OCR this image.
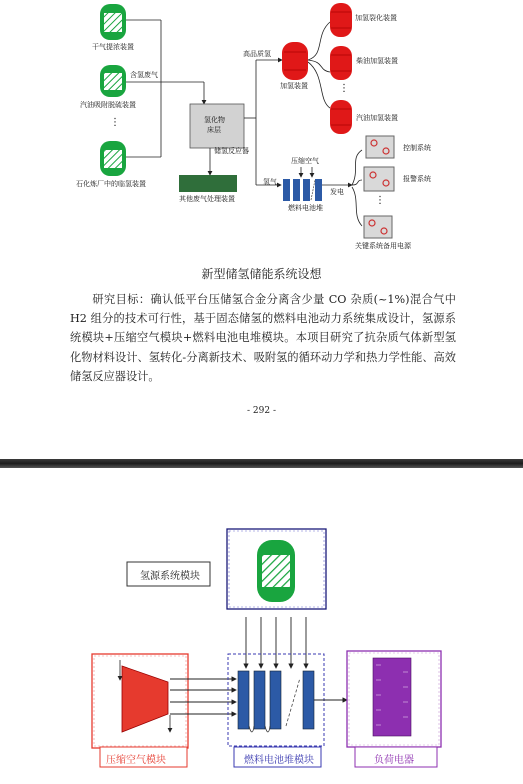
干气提浓装置
含氢废气
汽油吸附脱硫装置
⋮
石化炼厂中的临氢装置
氢化物
床层
储氢反应器
其他废气处理装置
高品质氢
加氢装置
加氢裂化装置
柴油加氢装置
⋮
汽油加氢装置
氢气
压缩空气
发电
燃料电池堆
控制系统
报警系统
⋮
关键系统备用电源
新型储氢储能系统设想
研究目标：确认低平台压储氢合金分离含少量 CO 杂质(~1%)混合气中 H2 组分的技术可行性，基于固态储氢的燃料电池动力系统集成设计，氢源系统模块+压缩空气模块+燃料电池电堆模块。本项目研究了抗杂质气体新型氢化物材料设计、氢转化-分离新技术、吸附氢的循环动力学和热力学性能、高效储氢反应器设计。
- 292 -
氢源系统模块
压缩空气模块	燃料电池堆模块	负荷电器
